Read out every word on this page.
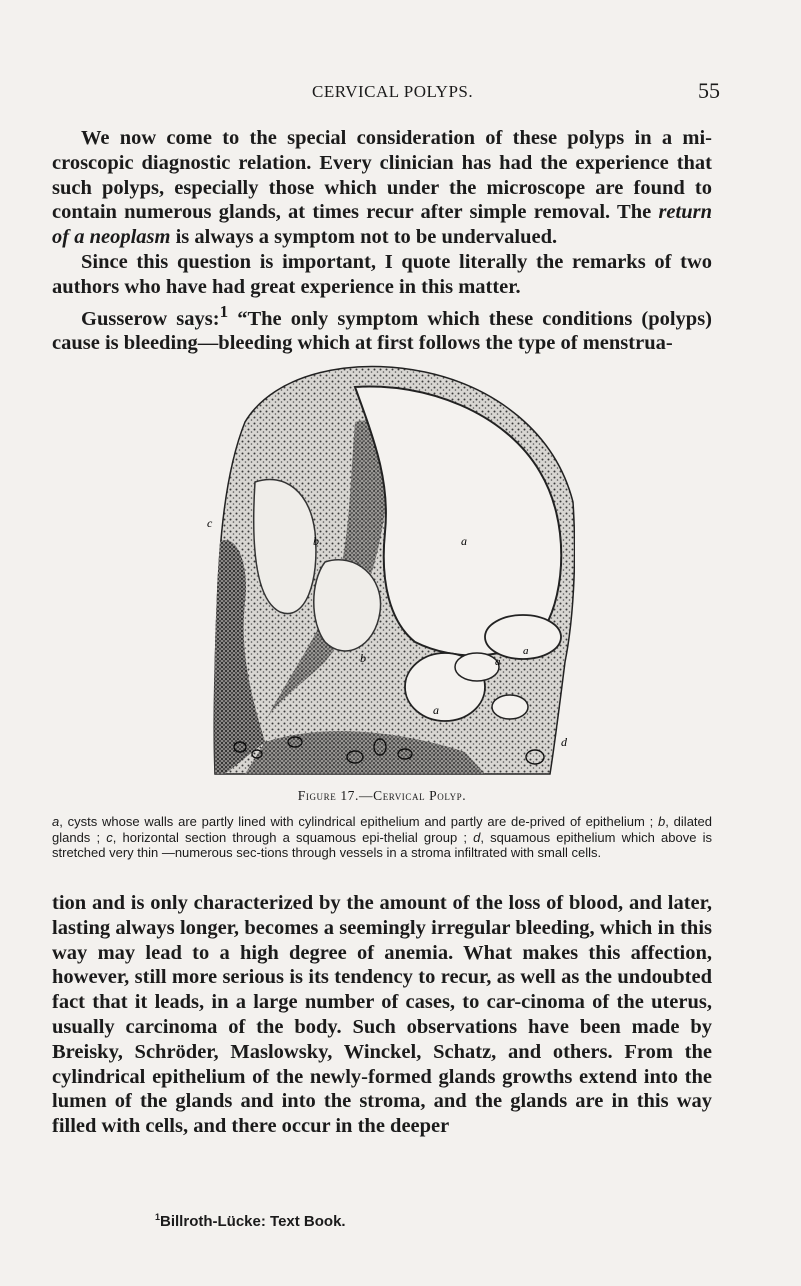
CERVICAL POLYPS.	55

We now come to the special consideration of these polyps in a mi-croscopic diagnostic relation. Every clinician has had the experience that such polyps, especially those which under the microscope are found to contain numerous glands, at times recur after simple removal. The return of a neoplasm is always a symptom not to be undervalued.

Since this question is important, I quote literally the remarks of two authors who have had great experience in this matter.

Gusserow says:$^1$ “The only symptom which these conditions (polyps) cause is bleeding—bleeding which at first follows the type of menstrua-

c
b	a
b	a
a
a
d
Figure 17.—Cervical Polyp.
a, cysts whose walls are partly lined with cylindrical epithelium and partly are de-prived of epithelium ; b, dilated glands ; c, horizontal section through a squamous epi-thelial group ; d, squamous epithelium which above is stretched very thin —numerous sec-tions through vessels in a stroma infiltrated with small cells.

tion and is only characterized by the amount of the loss of blood, and later, lasting always longer, becomes a seemingly irregular bleeding, which in this way may lead to a high degree of anemia. What makes this affection, however, still more serious is its tendency to recur, as well as the undoubted fact that it leads, in a large number of cases, to car-cinoma of the uterus, usually carcinoma of the body. Such observations have been made by Breisky, Schröder, Maslowsky, Winckel, Schatz, and others. From the cylindrical epithelium of the newly-formed glands growths extend into the lumen of the glands and into the stroma, and the glands are in this way filled with cells, and there occur in the deeper

$^1$Billroth-Lücke: Text Book.
